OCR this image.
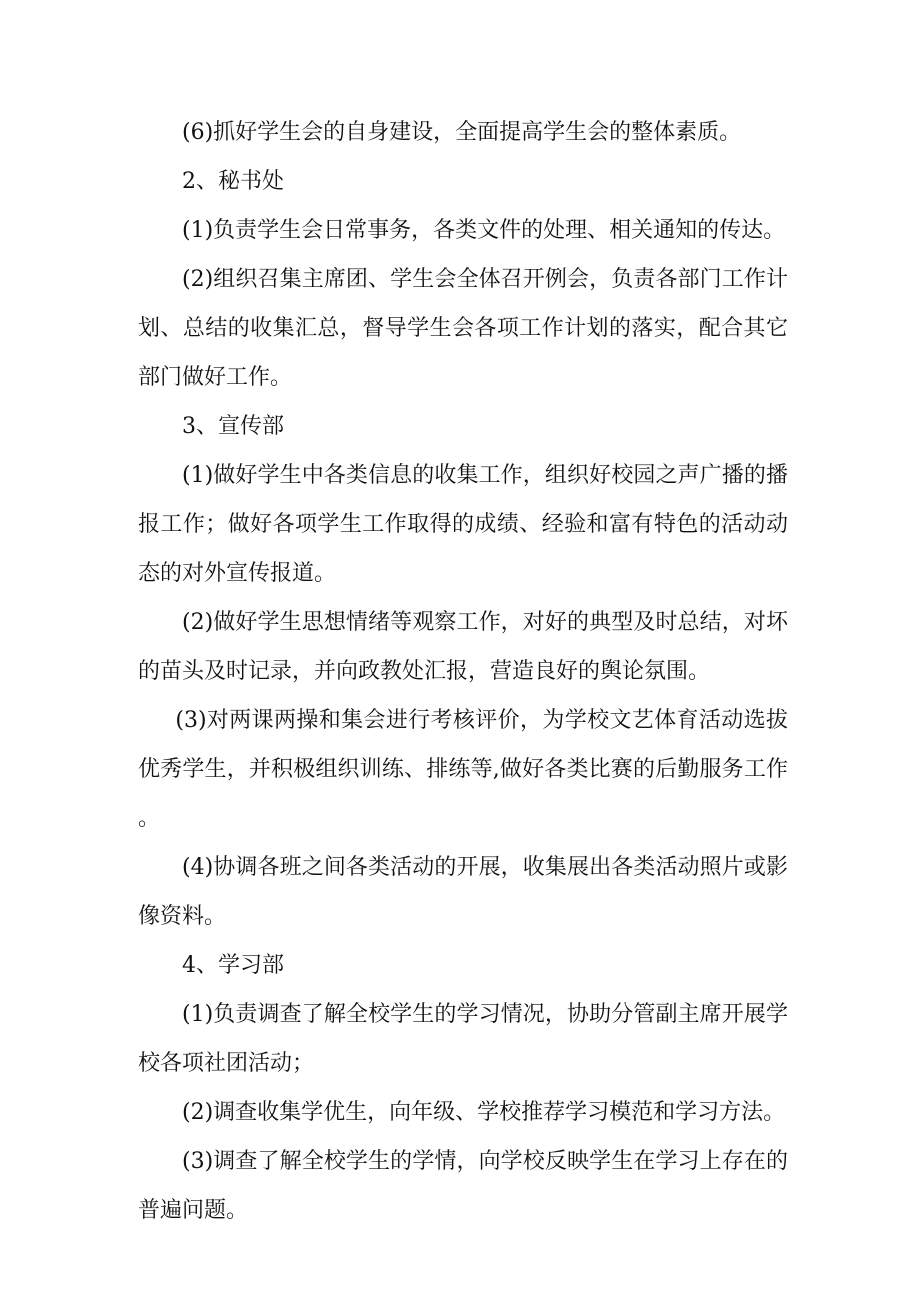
(6)抓好学生会的自身建设，全面提高学生会的整体素质。

2、秘书处

(1)负责学生会日常事务，各类文件的处理、相关通知的传达。

(2)组织召集主席团、学生会全体召开例会，负责各部门工作计划、总结的收集汇总，督导学生会各项工作计划的落实，配合其它部门做好工作。

3、宣传部

(1)做好学生中各类信息的收集工作，组织好校园之声广播的播报工作；做好各项学生工作取得的成绩、经验和富有特色的活动动态的对外宣传报道。

(2)做好学生思想情绪等观察工作，对好的典型及时总结，对坏的苗头及时记录，并向政教处汇报，营造良好的舆论氛围。

(3)对两课两操和集会进行考核评价，为学校文艺体育活动选拔优秀学生，并积极组织训练、排练等,做好各类比赛的后勤服务工作。

(4)协调各班之间各类活动的开展，收集展出各类活动照片或影像资料。

4、学习部

(1)负责调查了解全校学生的学习情况，协助分管副主席开展学校各项社团活动；

(2)调查收集学优生，向年级、学校推荐学习模范和学习方法。

(3)调查了解全校学生的学情，向学校反映学生在学习上存在的普遍问题。
